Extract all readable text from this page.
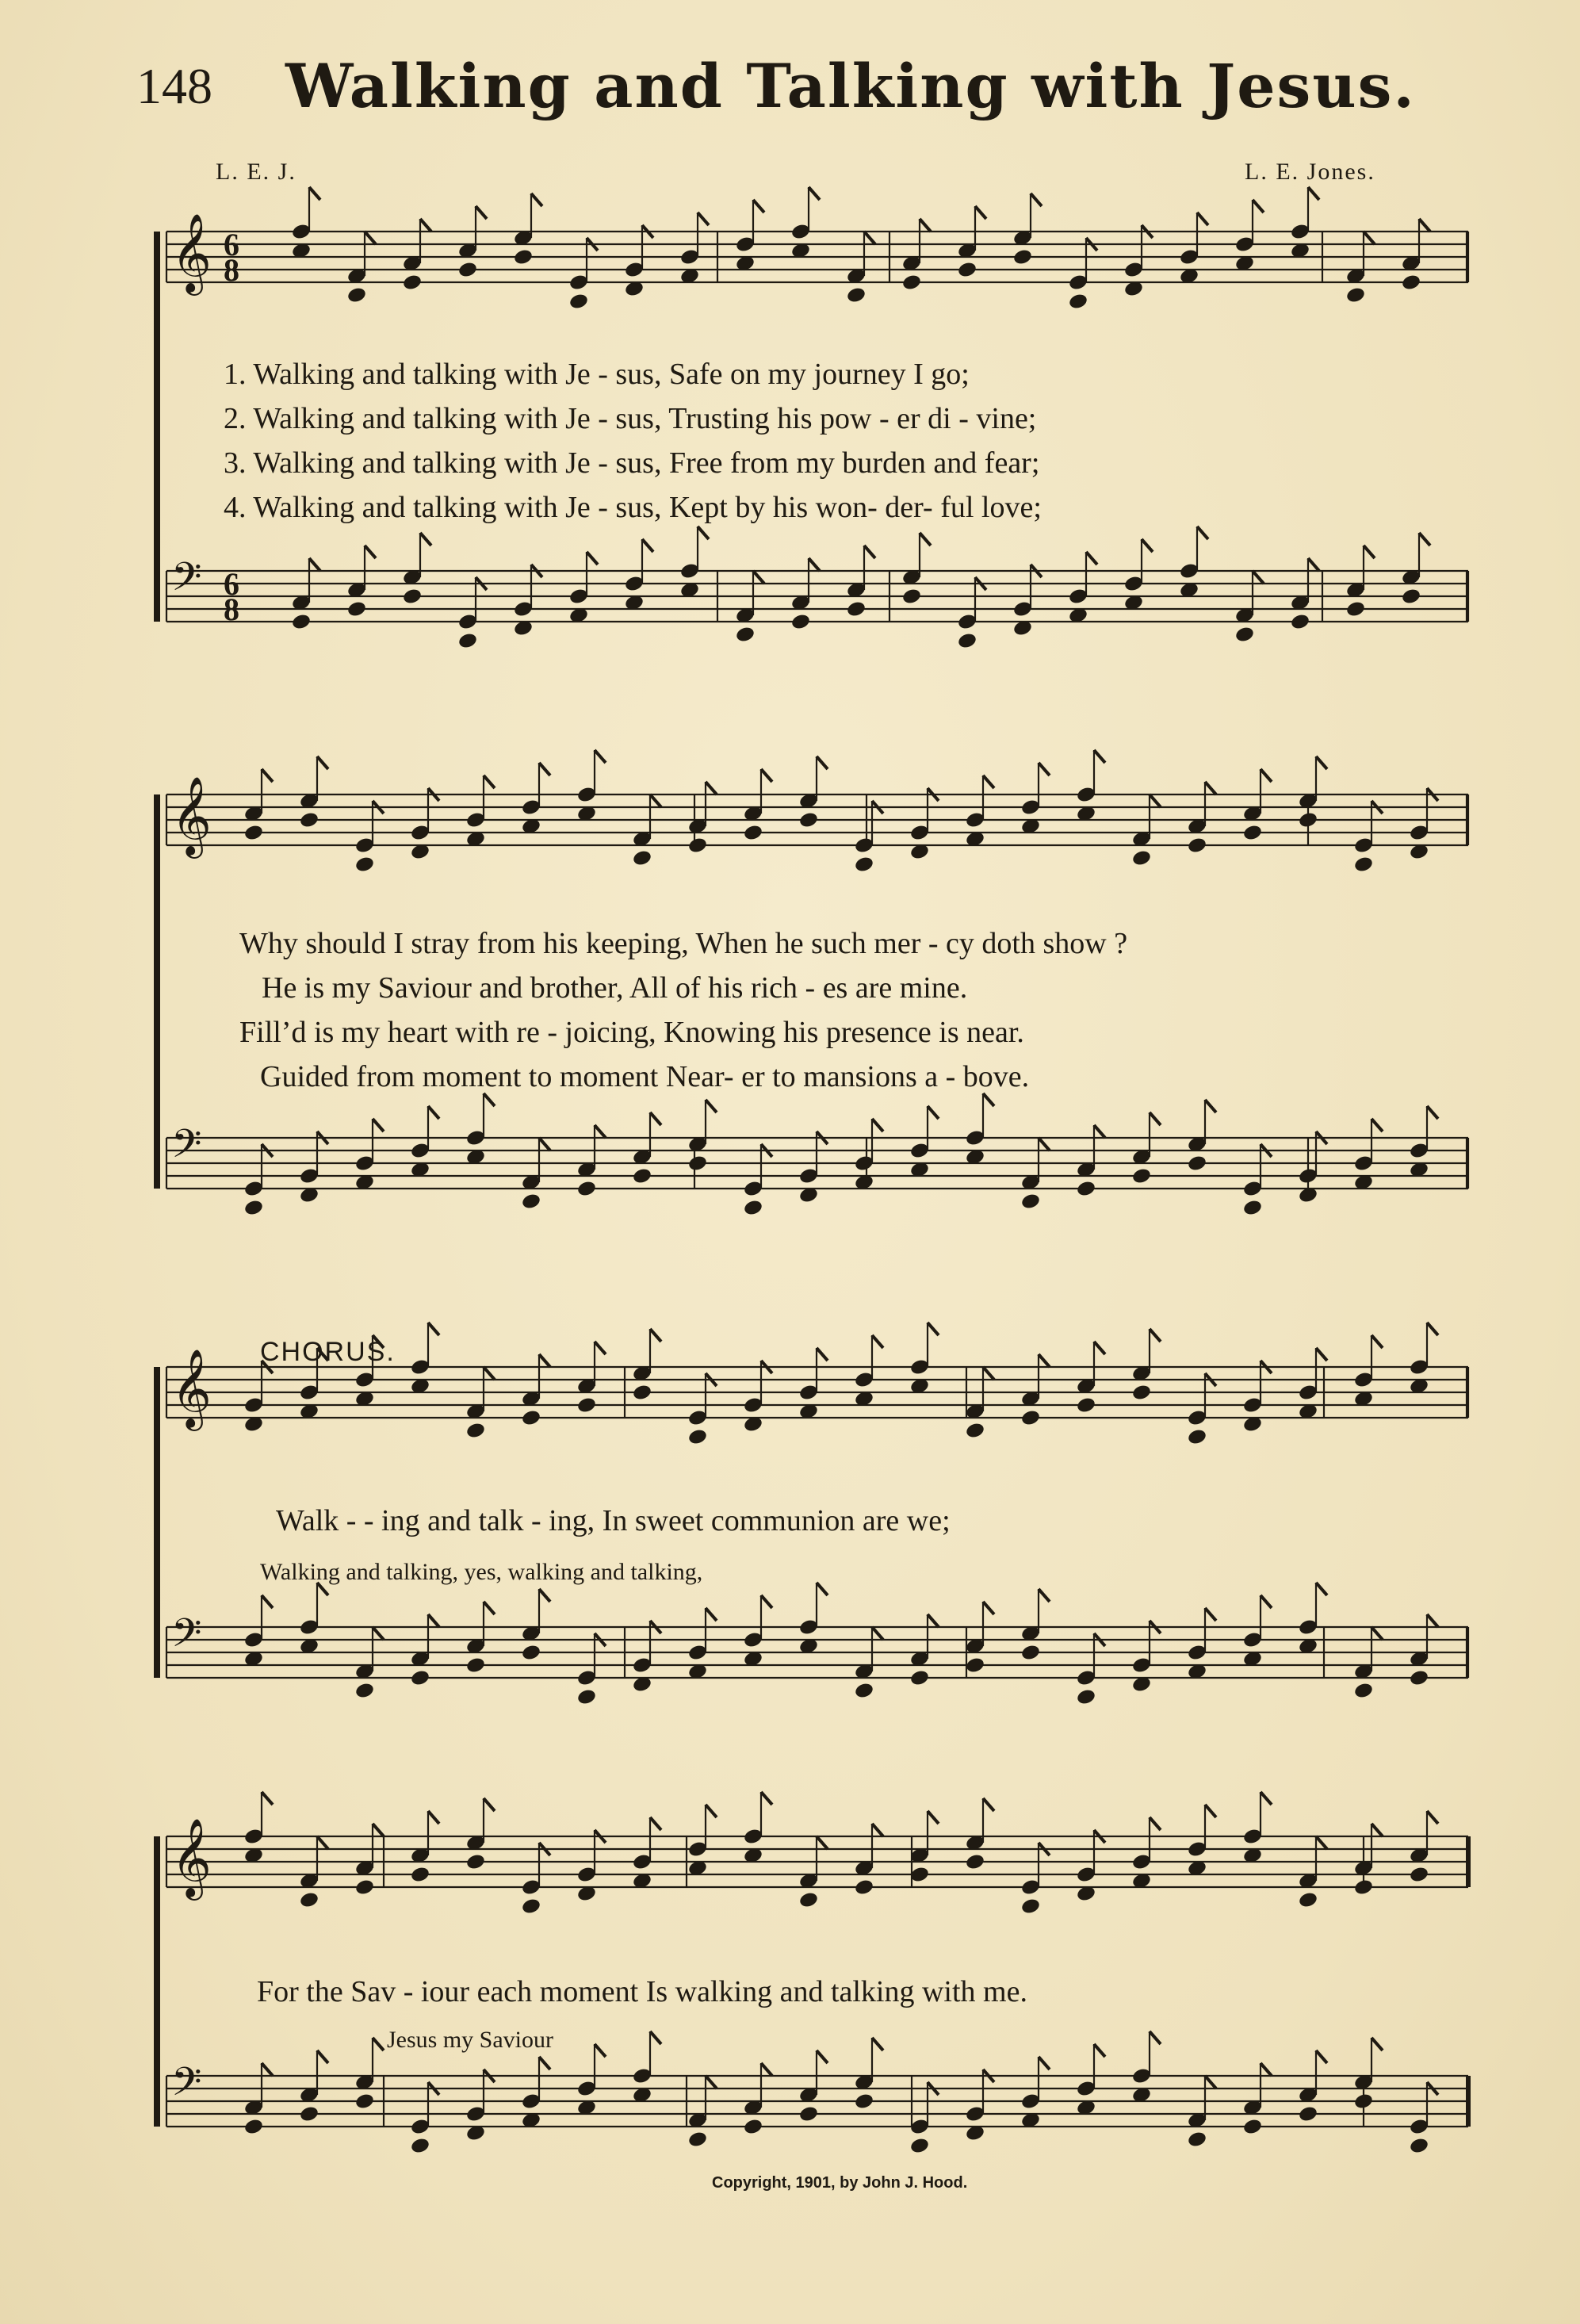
148 Walking and Talking with Jesus.
L. E. J.	L. E. Jones.
𝄞
𝄢
6
8
6
8
𝄞
𝄢
𝄞
𝄢
𝄞
𝄢
1. Walking and talking with Je - sus, Safe on my journey I go;
2. Walking and talking with Je - sus, Trusting his pow - er di - vine;
3. Walking and talking with Je - sus, Free from my burden and fear;
4. Walking and talking with Je - sus, Kept by his won- der- ful love;
Why should I stray from his keeping, When he such mer - cy doth show ?
He is my Saviour and brother, All of his rich - es are mine.
Fill’d is my heart with re - joicing, Knowing his presence is near.
Guided from moment to moment Near- er to mansions a - bove.
CHORUS.
Walk - - ing and talk - ing, In sweet communion are we;
Walking and talking, yes, walking and talking,
For the Sav - iour each moment Is walking and talking with me.
Jesus my Saviour
Copyright, 1901, by John J. Hood.
